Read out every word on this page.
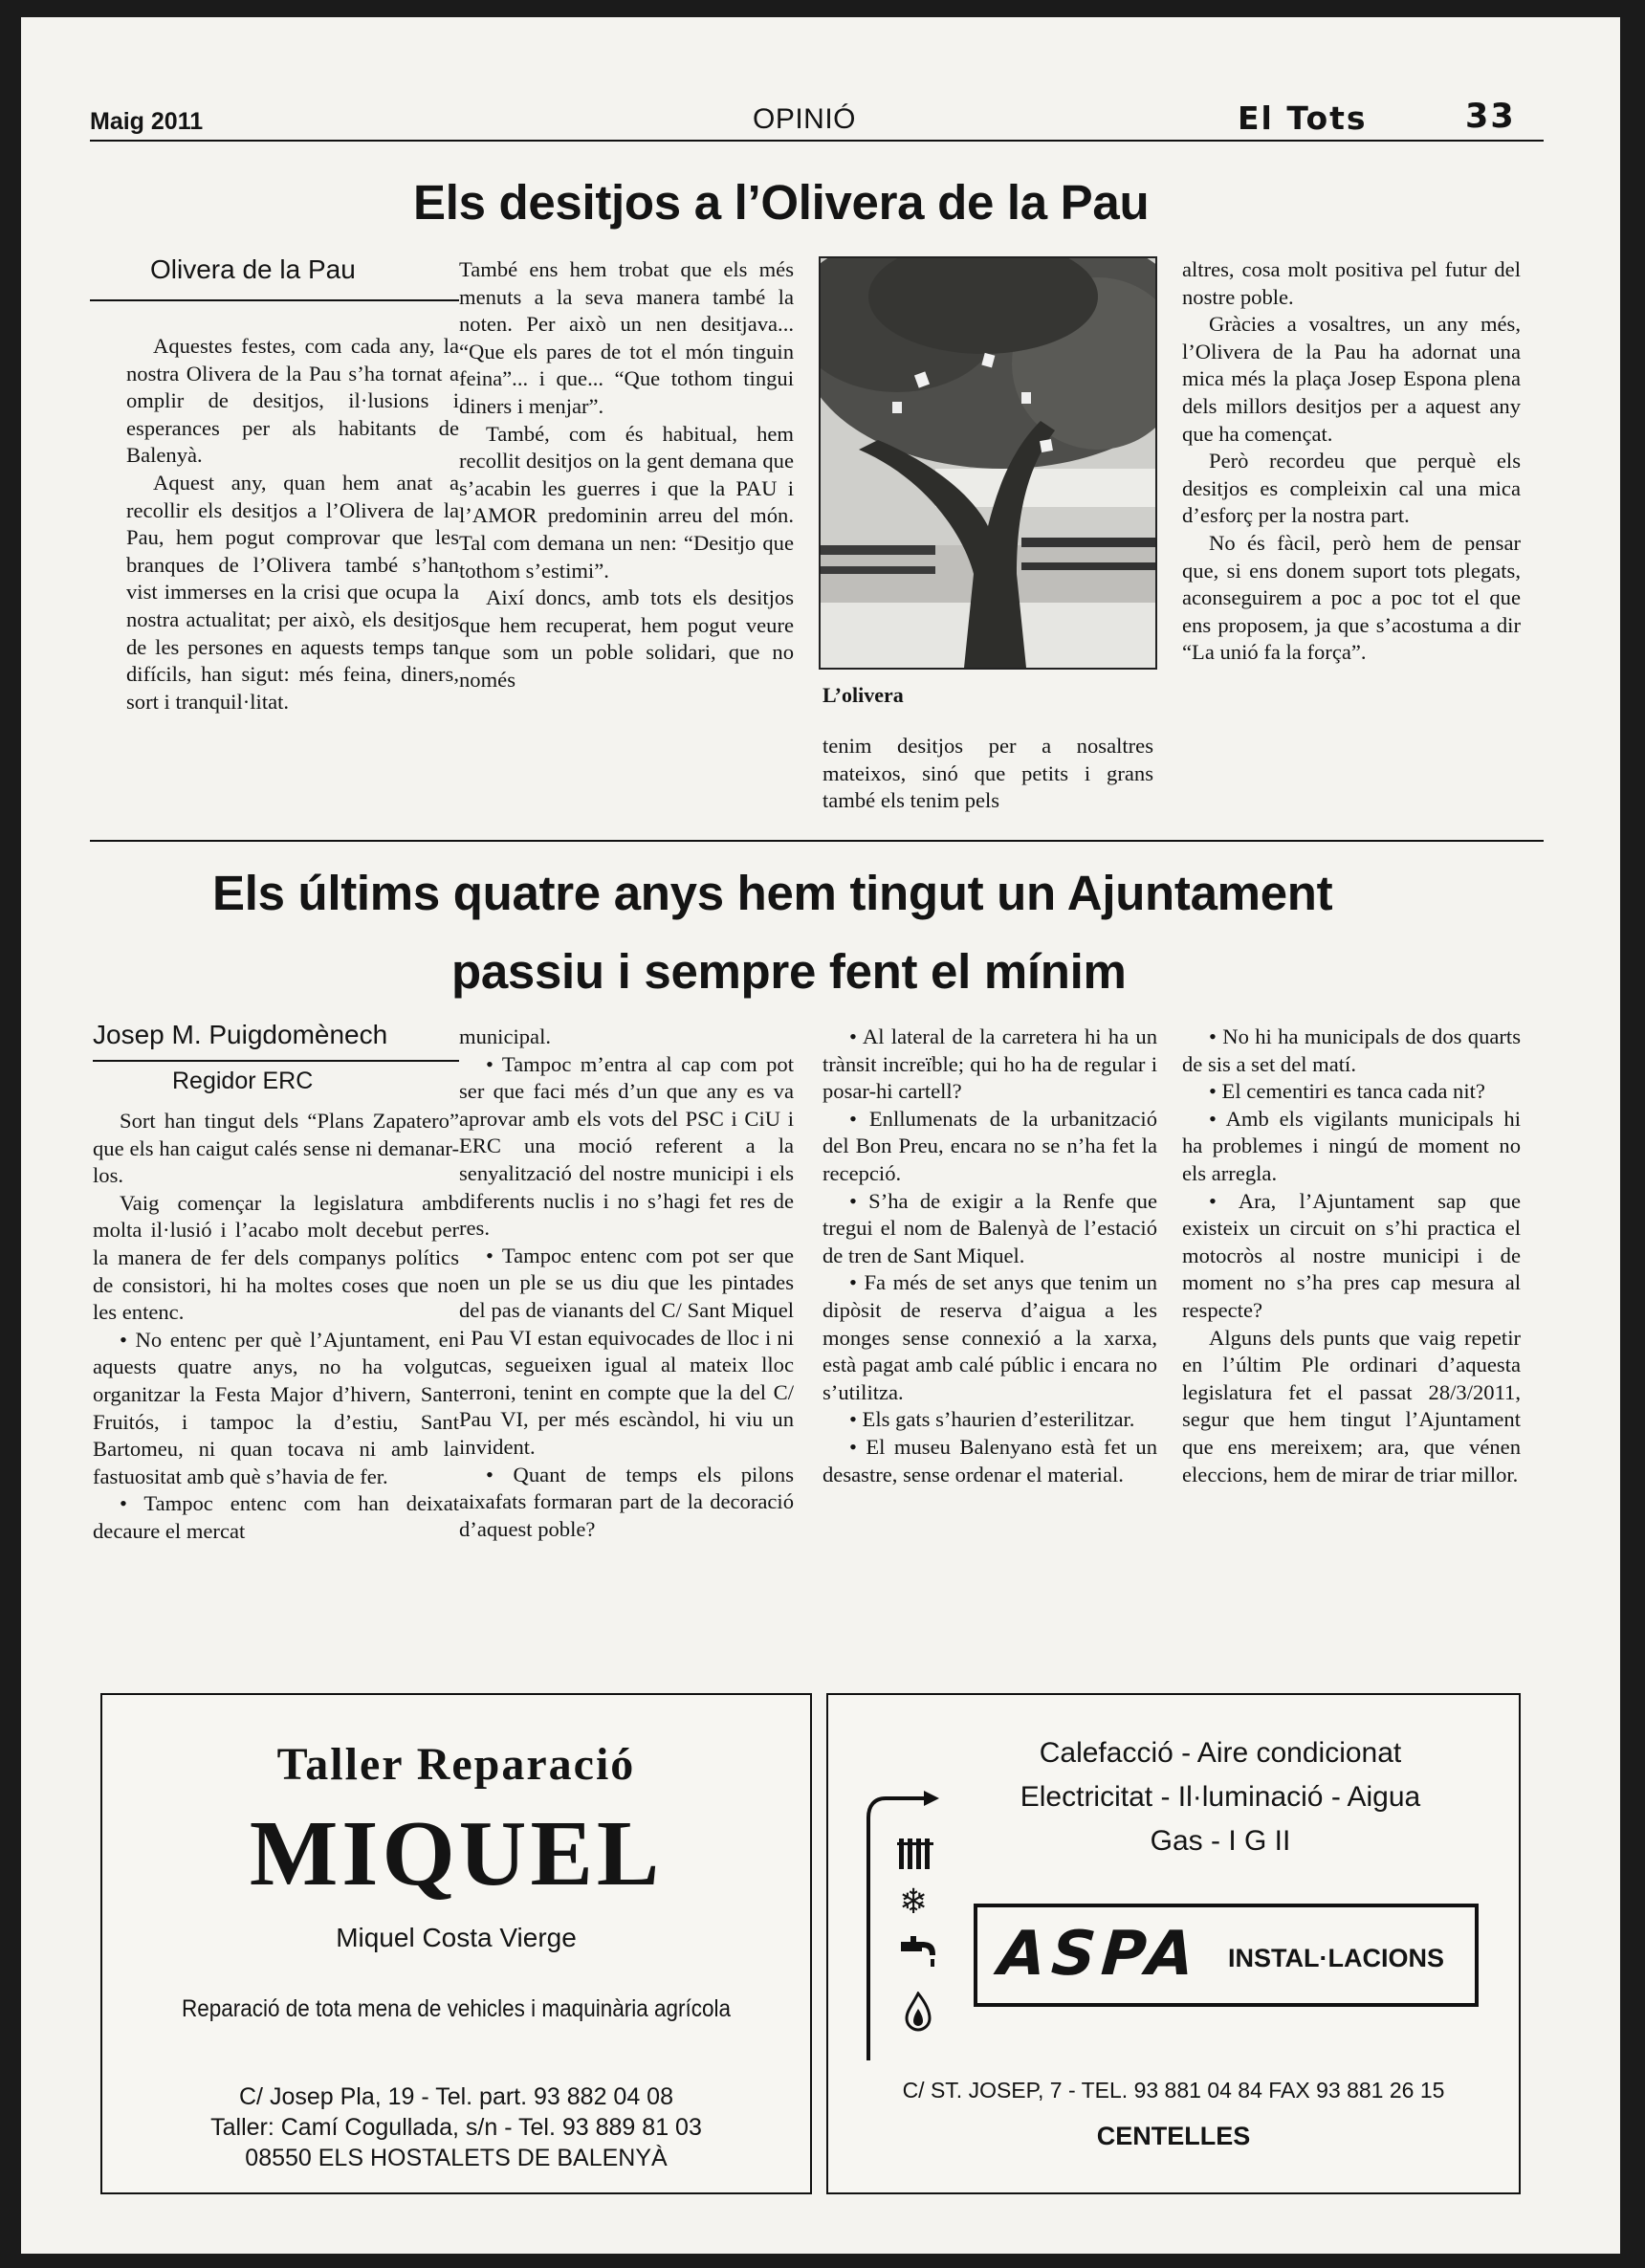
Maig 2011	OPINIÓ	El Tots	33
Els desitjos a l’Olivera de la Pau
Olivera de la Pau

Aquestes festes, com cada any, la nostra Olivera de la Pau s’ha tornat a omplir de desitjos, il·lusions i esperances per als habitants de Balenyà.

Aquest any, quan hem anat a recollir els desitjos a l’Olivera de la Pau, hem pogut comprovar que les branques de l’Olivera també s’han vist immerses en la crisi que ocupa la nostra actualitat; per això, els desitjos de les persones en aquests temps tan difícils, han sigut: més feina, diners, sort i tranquil·litat.

També ens hem trobat que els més menuts a la seva manera també la noten. Per això un nen desitjava... “Que els pares de tot el món tinguin feina”... i que... “Que tothom tingui diners i menjar”.

També, com és habitual, hem recollit desitjos on la gent demana que s’acabin les guerres i que la PAU i l’AMOR predominin arreu del món. Tal com demana un nen: “Desitjo que tothom s’estimi”.

Així doncs, amb tots els desitjos que hem recuperat, hem pogut veure que som un poble solidari, que no només

L’olivera

tenim desitjos per a nosaltres mateixos, sinó que petits i grans també els tenim pels

altres, cosa molt positiva pel futur del nostre poble.

Gràcies a vosaltres, un any més, l’Olivera de la Pau ha adornat una mica més la plaça Josep Espona plena dels millors desitjos per a aquest any que ha començat.

Però recordeu que perquè els desitjos es compleixin cal una mica d’esforç per la nostra part.

No és fàcil, però hem de pensar que, si ens donem suport tots plegats, aconseguirem a poc a poc tot el que ens proposem, ja que s’acostuma a dir “La unió fa la força”.

Els últims quatre anys hem tingut un Ajuntament
passiu i sempre fent el mínim
Josep M. Puigdomènech
Regidor ERC

Sort han tingut dels “Plans Zapatero” que els han caigut calés sense ni demanar-los.

Vaig començar la legislatura amb molta il·lusió i l’acabo molt decebut per la manera de fer dels companys polítics de consistori, hi ha moltes coses que no les entenc.

• No entenc per què l’Ajuntament, en aquests quatre anys, no ha volgut organitzar la Festa Major d’hivern, Sant Fruitós, i tampoc la d’estiu, Sant Bartomeu, ni quan tocava ni amb la fastuositat amb què s’havia de fer.

• Tampoc entenc com han deixat decaure el mercat

municipal.

• Tampoc m’entra al cap com pot ser que faci més d’un que any es va aprovar amb els vots del PSC i CiU i ERC una moció referent a la senyalització del nostre municipi i els diferents nuclis i no s’hagi fet res de res.

• Tampoc entenc com pot ser que en un ple se us diu que les pintades del pas de vianants del C/ Sant Miquel i Pau VI estan equivocades de lloc i ni cas, segueixen igual al mateix lloc erroni, tenint en compte que la del C/ Pau VI, per més escàndol, hi viu un invident.

• Quant de temps els pilons aixafats formaran part de la decoració d’aquest poble?

• Al lateral de la carretera hi ha un trànsit increïble; qui ho ha de regular i posar-hi cartell?

• Enllumenats de la urbanització del Bon Preu, encara no se n’ha fet la recepció.

• S’ha de exigir a la Renfe que tregui el nom de Balenyà de l’estació de tren de Sant Miquel.

• Fa més de set anys que tenim un dipòsit de reserva d’aigua a les monges sense connexió a la xarxa, està pagat amb calé públic i encara no s’utilitza.

• Els gats s’haurien d’esterilitzar.

• El museu Balenyano està fet un desastre, sense ordenar el material.

• No hi ha municipals de dos quarts de sis a set del matí.

• El cementiri es tanca cada nit?

• Amb els vigilants municipals hi ha problemes i ningú de moment no els arregla.

• Ara, l’Ajuntament sap que existeix un circuit on s’hi practica el motocròs al nostre municipi i de moment no s’ha pres cap mesura al respecte?

Alguns dels punts que vaig repetir en l’últim Ple ordinari d’aquesta legislatura fet el passat 28/3/2011, segur que hem tingut l’Ajuntament que ens mereixem; ara, que vénen eleccions, hem de mirar de triar millor.

Taller Reparació
MIQUEL
Miquel Costa Vierge
Reparació de tota mena de vehicles i maquinària agrícola
C/ Josep Pla, 19 - Tel. part. 93 882 04 08
Taller: Camí Cogullada, s/n - Tel. 93 889 81 03
08550 ELS HOSTALETS DE BALENYÀ
Calefacció - Aire condicionat
Electricitat - Il·luminació - Aigua
Gas - I G II
❄
ASPA INSTAL·LACIONS
C/ ST. JOSEP, 7 - TEL. 93 881 04 84 FAX 93 881 26 15
CENTELLES
